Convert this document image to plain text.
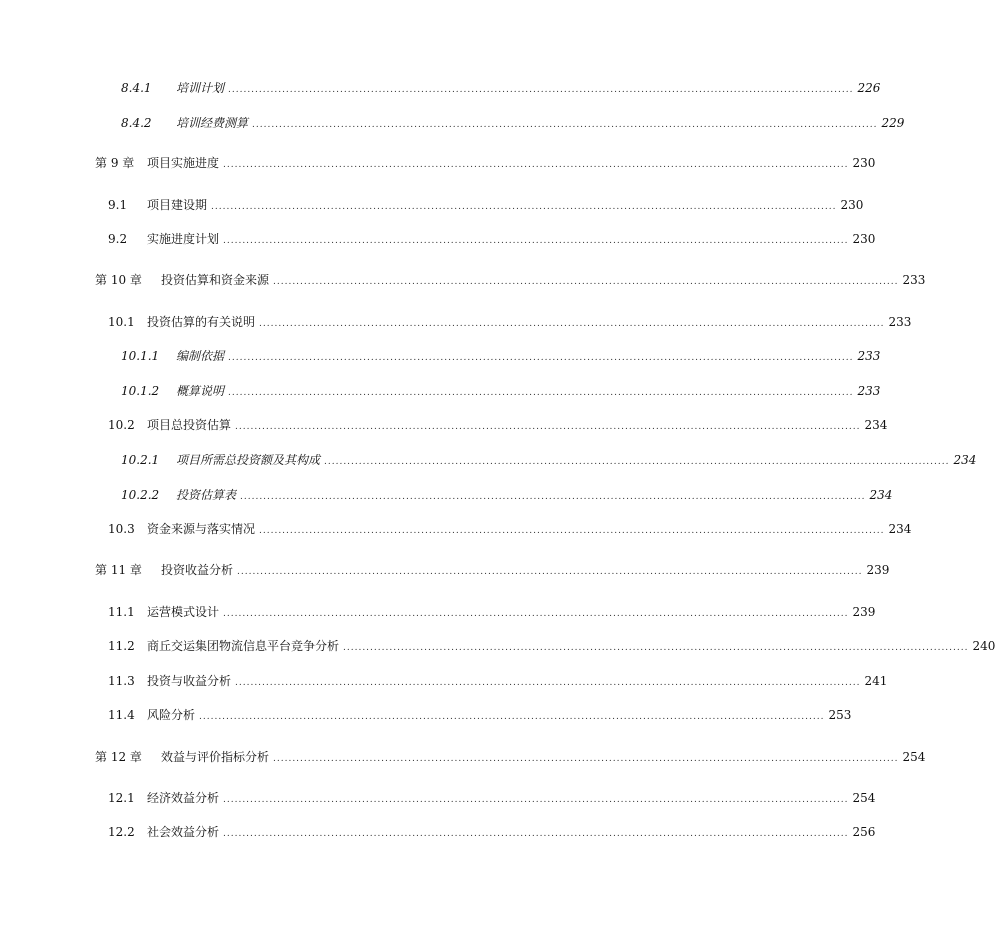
8.4.1	培训计划 .................................................................................................................................................................. 226
8.4.2	培训经费测算 .................................................................................................................................................................. 229
第 9 章	项目实施进度 .................................................................................................................................................................. 230
9.1	项目建设期 .................................................................................................................................................................. 230
9.2	实施进度计划 .................................................................................................................................................................. 230
第 10 章	投资估算和资金来源 .................................................................................................................................................................. 233
10.1	投资估算的有关说明 .................................................................................................................................................................. 233
10.1.1	编制依据 .................................................................................................................................................................. 233
10.1.2	概算说明 .................................................................................................................................................................. 233
10.2	项目总投资估算 .................................................................................................................................................................. 234
10.2.1	项目所需总投资额及其构成 .................................................................................................................................................................. 234
10.2.2	投资估算表 .................................................................................................................................................................. 234
10.3	资金来源与落实情况 .................................................................................................................................................................. 234
第 11 章	投资收益分析 .................................................................................................................................................................. 239
11.1	运营模式设计 .................................................................................................................................................................. 239
11.2	商丘交运集团物流信息平台竞争分析 .................................................................................................................................................................. 240
11.3	投资与收益分析 .................................................................................................................................................................. 241
11.4	风险分析 .................................................................................................................................................................. 253
第 12 章	效益与评价指标分析 .................................................................................................................................................................. 254
12.1	经济效益分析 .................................................................................................................................................................. 254
12.2	社会效益分析 .................................................................................................................................................................. 256
